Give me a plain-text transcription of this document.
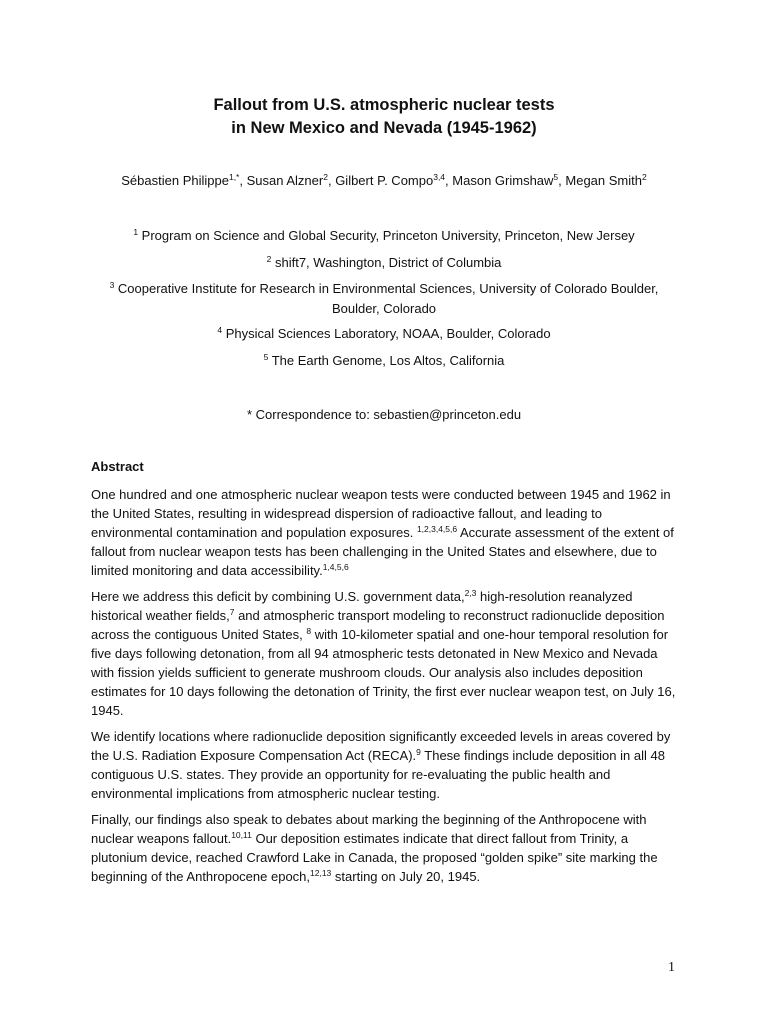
Fallout from U.S. atmospheric nuclear tests
in New Mexico and Nevada (1945-1962)
Sébastien Philippe$^{1,*}$, Susan Alzner$^2$, Gilbert P. Compo$^{3,4}$, Mason Grimshaw$^5$, Megan Smith$^2$
$^1$ Program on Science and Global Security, Princeton University, Princeton, New Jersey
$^2$ shift7, Washington, District of Columbia
$^3$ Cooperative Institute for Research in Environmental Sciences, University of Colorado Boulder, Boulder, Colorado
$^4$ Physical Sciences Laboratory, NOAA, Boulder, Colorado
$^5$ The Earth Genome, Los Altos, California
* Correspondence to: sebastien@princeton.edu
Abstract
One hundred and one atmospheric nuclear weapon tests were conducted between 1945 and 1962 in the United States, resulting in widespread dispersion of radioactive fallout, and leading to environmental contamination and population exposures. $^{1,2,3,4,5,6}$ Accurate assessment of the extent of fallout from nuclear weapon tests has been challenging in the United States and elsewhere, due to limited monitoring and data accessibility.$^{1,4,5,6}$
Here we address this deficit by combining U.S. government data,$^{2,3}$ high-resolution reanalyzed historical weather fields,$^7$ and atmospheric transport modeling to reconstruct radionuclide deposition across the contiguous United States, $^8$ with 10-kilometer spatial and one-hour temporal resolution for five days following detonation, from all 94 atmospheric tests detonated in New Mexico and Nevada with fission yields sufficient to generate mushroom clouds. Our analysis also includes deposition estimates for 10 days following the detonation of Trinity, the first ever nuclear weapon test, on July 16, 1945.
We identify locations where radionuclide deposition significantly exceeded levels in areas covered by the U.S. Radiation Exposure Compensation Act (RECA).$^9$ These findings include deposition in all 48 contiguous U.S. states. They provide an opportunity for re-evaluating the public health and environmental implications from atmospheric nuclear testing.
Finally, our findings also speak to debates about marking the beginning of the Anthropocene with nuclear weapons fallout.$^{10,11}$ Our deposition estimates indicate that direct fallout from Trinity, a plutonium device, reached Crawford Lake in Canada, the proposed “golden spike” site marking the beginning of the Anthropocene epoch,$^{12,13}$ starting on July 20, 1945.
1
